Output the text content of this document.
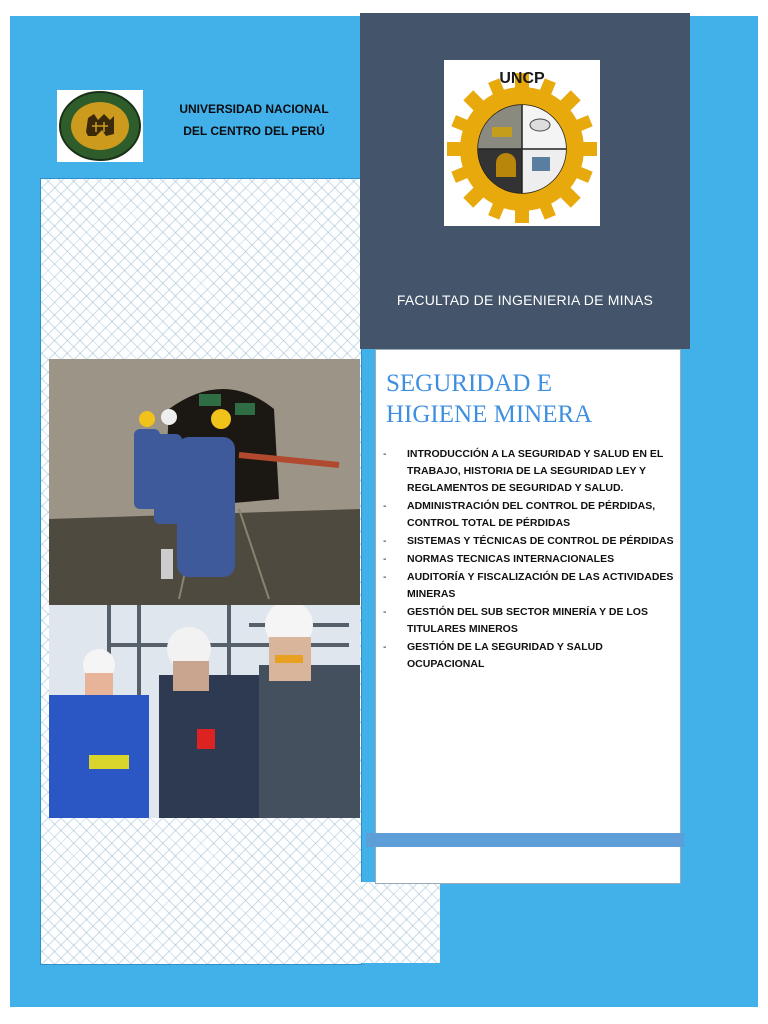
UNIVERSIDAD NACIONAL
DEL CENTRO DEL PERÚ
UNCP
FACULTAD DE INGENIERIA DE MINAS
SEGURIDAD E
HIGIENE MINERA
- INTRODUCCIÓN A LA SEGURIDAD Y SALUD EN EL TRABAJO, HISTORIA DE LA SEGURIDAD LEY Y REGLAMENTOS DE SEGURIDAD Y SALUD.
- ADMINISTRACIÓN DEL CONTROL DE PÉRDIDAS, CONTROL TOTAL DE PÉRDIDAS
- SISTEMAS Y TÉCNICAS DE CONTROL DE PÉRDIDAS
- NORMAS TECNICAS INTERNACIONALES
- AUDITORÍA Y FISCALIZACIÓN DE LAS ACTIVIDADES MINERAS
- GESTIÓN DEL SUB SECTOR MINERÍA Y DE LOS TITULARES MINEROS
- GESTIÓN DE LA SEGURIDAD Y SALUD OCUPACIONAL
